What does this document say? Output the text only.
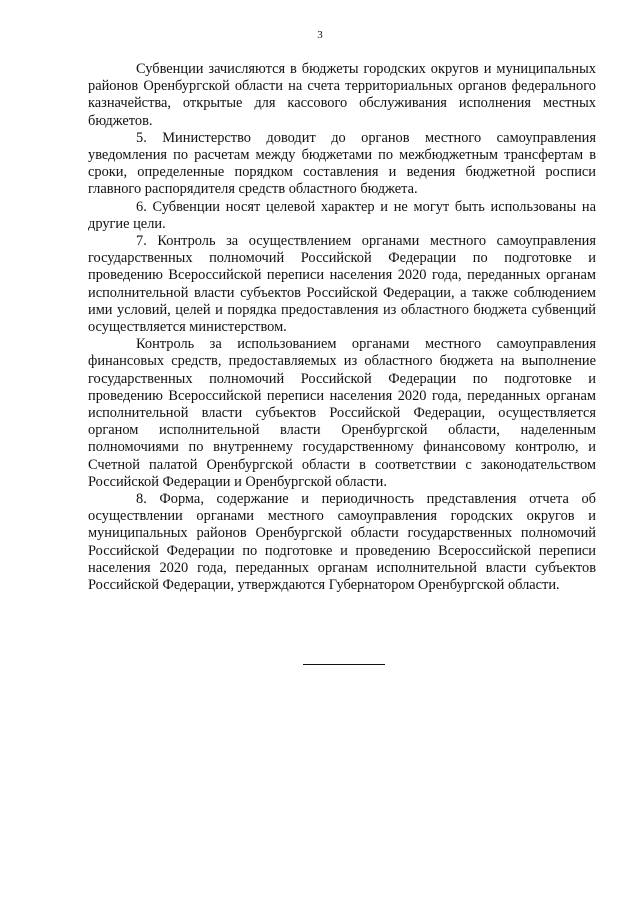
3

Субвенции зачисляются в бюджеты городских округов и муниципальных районов Оренбургской области на счета территориальных органов федерального казначейства, открытые для кассового обслуживания исполнения местных бюджетов.

5. Министерство доводит до органов местного самоуправления уведомления по расчетам между бюджетами по межбюджетным трансфертам в сроки, определенные порядком составления и ведения бюджетной росписи главного распорядителя средств областного бюджета.

6. Субвенции носят целевой характер и не могут быть использованы на другие цели.

7. Контроль за осуществлением органами местного самоуправления государственных полномочий Российской Федерации по подготовке и проведению Всероссийской переписи населения 2020 года, переданных органам исполнительной власти субъектов Российской Федерации, а также соблюдением ими условий, целей и порядка предоставления из областного бюджета субвенций осуществляется министерством.

Контроль за использованием органами местного самоуправления финансовых средств, предоставляемых из областного бюджета на выполнение государственных полномочий Российской Федерации по подготовке и проведению Всероссийской переписи населения 2020 года, переданных органам исполнительной власти субъектов Российской Федерации, осуществляется органом исполнительной власти Оренбургской области, наделенным полномочиями по внутреннему государственному финансовому контролю, и Счетной палатой Оренбургской области в соответствии с законодательством Российской Федерации и Оренбургской области.

8. Форма, содержание и периодичность представления отчета об осуществлении органами местного самоуправления городских округов и муниципальных районов Оренбургской области государственных полномочий Российской Федерации по подготовке и проведению Всероссийской переписи населения 2020 года, переданных органам исполнительной власти субъектов Российской Федерации, утверждаются Губернатором Оренбургской области.
